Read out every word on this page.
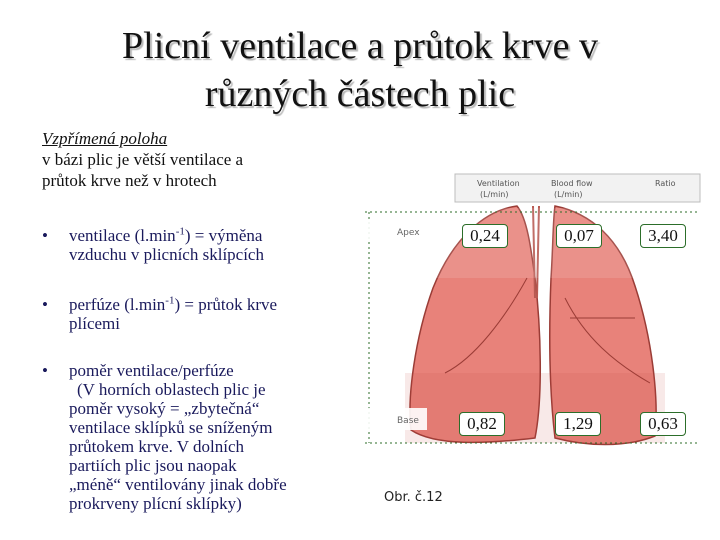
Plicní ventilace a průtok krve v
různých částech plic
Vzpřímená poloha
v bázi plic je větší ventilace a
průtok krve než v hrotech
• ventilace $(l.\min^{-1})$ = výměna
vzduchu v plicních sklípcích
• perfúze $(l.\min^{-1})$ = průtok krve
plícemi
• poměr ventilace/perfúze
(V horních oblastech plic je
poměr vysoký = „zbytečná“
ventilace sklípků se sníženým
průtokem krve. V dolních
partiích plic jsou naopak
„méně“ ventilovány jinak dobře
prokrveny plícní sklípky)
Ventilation
(L/min)
Blood flow
(L/min)
Ratio
Apex
Base
0,24	0,07	3,40
0,82	1,29	0,63
Obr. č.12
